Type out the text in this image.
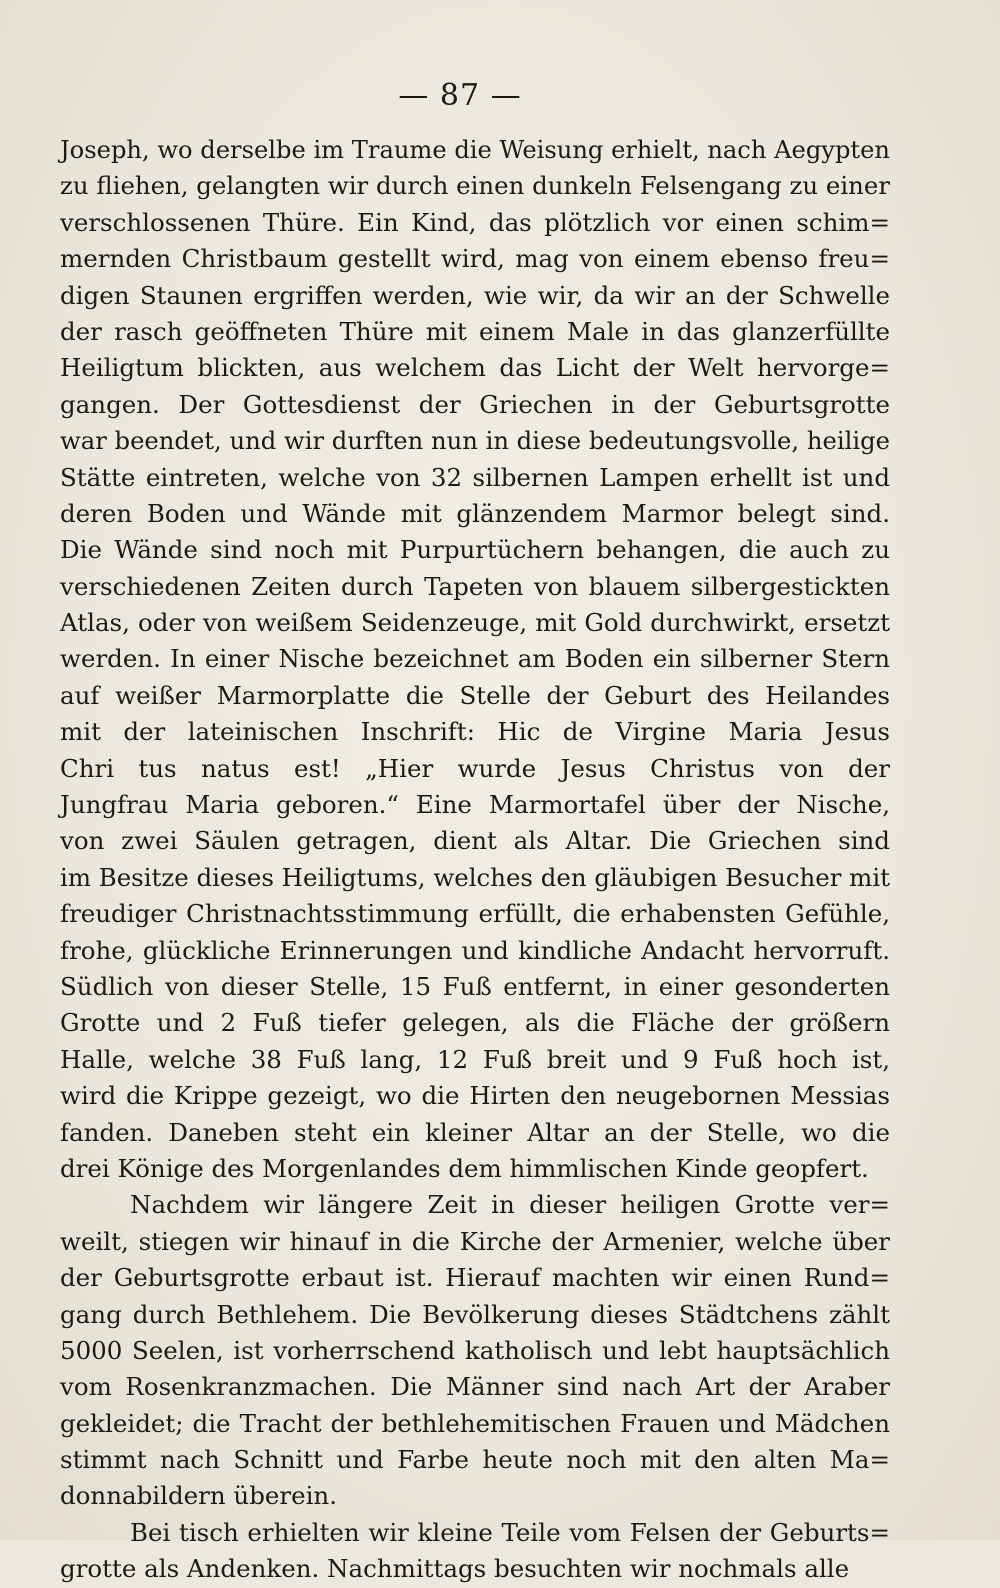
— 87 —
Joseph, wo derselbe im Traume die Weisung erhielt, nach Aegypten
zu fliehen, gelangten wir durch einen dunkeln Felsengang zu einer
verschlossenen Thüre. Ein Kind, das plötzlich vor einen schim=
mernden Christbaum gestellt wird, mag von einem ebenso freu=
digen Staunen ergriffen werden, wie wir, da wir an der Schwelle
der rasch geöffneten Thüre mit einem Male in das glanzerfüllte
Heiligtum blickten, aus welchem das Licht der Welt hervorge=
gangen. Der Gottesdienst der Griechen in der Geburtsgrotte
war beendet, und wir durften nun in diese bedeutungsvolle, heilige
Stätte eintreten, welche von 32 silbernen Lampen erhellt ist und
deren Boden und Wände mit glänzendem Marmor belegt sind.
Die Wände sind noch mit Purpurtüchern behangen, die auch zu
verschiedenen Zeiten durch Tapeten von blauem silbergestickten
Atlas, oder von weißem Seidenzeuge, mit Gold durchwirkt, ersetzt
werden. In einer Nische bezeichnet am Boden ein silberner Stern
auf weißer Marmorplatte die Stelle der Geburt des Heilandes
mit der lateinischen Inschrift: Hic de Virgine Maria Jesus
Chri tus natus est! „Hier wurde Jesus Christus von der
Jungfrau Maria geboren.“ Eine Marmortafel über der Nische,
von zwei Säulen getragen, dient als Altar. Die Griechen sind
im Besitze dieses Heiligtums, welches den gläubigen Besucher mit
freudiger Christnachtsstimmung erfüllt, die erhabensten Gefühle,
frohe, glückliche Erinnerungen und kindliche Andacht hervorruft.
Südlich von dieser Stelle, 15 Fuß entfernt, in einer gesonderten
Grotte und 2 Fuß tiefer gelegen, als die Fläche der größern
Halle, welche 38 Fuß lang, 12 Fuß breit und 9 Fuß hoch ist,
wird die Krippe gezeigt, wo die Hirten den neugebornen Messias
fanden. Daneben steht ein kleiner Altar an der Stelle, wo die
drei Könige des Morgenlandes dem himmlischen Kinde geopfert.
Nachdem wir längere Zeit in dieser heiligen Grotte ver=
weilt, stiegen wir hinauf in die Kirche der Armenier, welche über
der Geburtsgrotte erbaut ist. Hierauf machten wir einen Rund=
gang durch Bethlehem. Die Bevölkerung dieses Städtchens zählt
5000 Seelen, ist vorherrschend katholisch und lebt hauptsächlich
vom Rosenkranzmachen. Die Männer sind nach Art der Araber
gekleidet; die Tracht der bethlehemitischen Frauen und Mädchen
stimmt nach Schnitt und Farbe heute noch mit den alten Ma=
donnabildern überein.
Bei tisch erhielten wir kleine Teile vom Felsen der Geburts=
grotte als Andenken. Nachmittags besuchten wir nochmals alle
